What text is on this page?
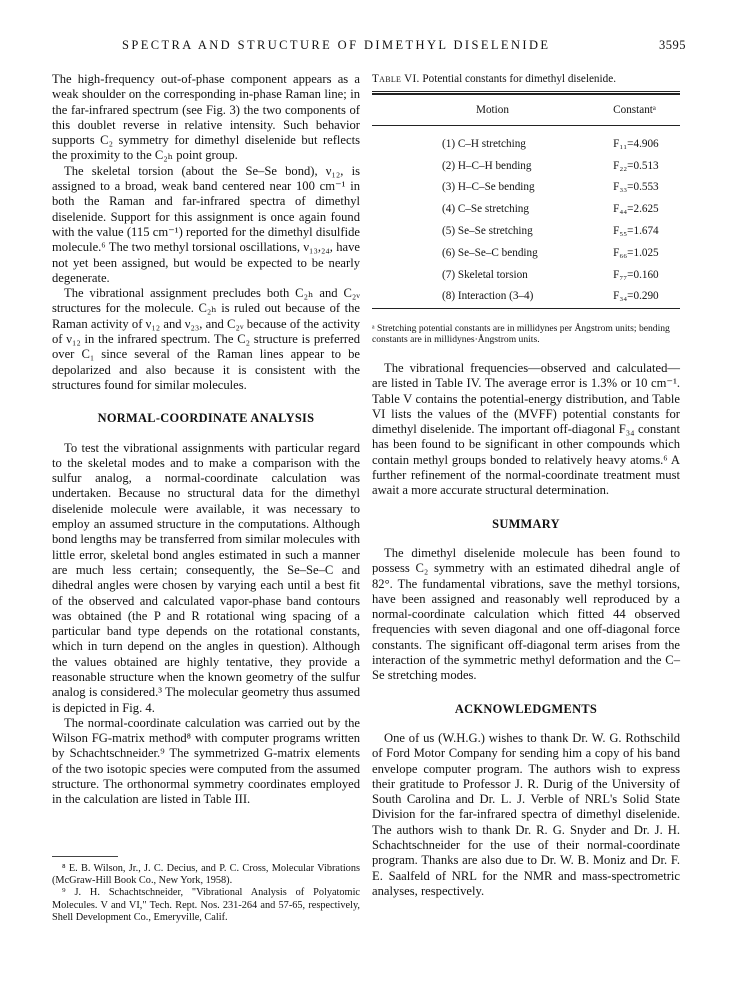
SPECTRA AND STRUCTURE OF DIMETHYL DISELENIDE	3595

The high-frequency out-of-phase component appears as a weak shoulder on the corresponding in-phase Raman line; in the far-infrared spectrum (see Fig. 3) the two components of this doublet reverse in relative intensity. Such behavior supports C₂ symmetry for dimethyl diselenide but reflects the proximity to the C₂ₕ point group.

The skeletal torsion (about the Se–Se bond), ν₁₂, is assigned to a broad, weak band centered near 100 cm⁻¹ in both the Raman and far-infrared spectra of dimethyl diselenide. Support for this assignment is once again found with the value (115 cm⁻¹) reported for the dimethyl disulfide molecule.⁶ The two methyl torsional oscillations, ν₁₃,₂₄, have not yet been assigned, but would be expected to be nearly degenerate.

The vibrational assignment precludes both C₂ₕ and C₂ᵥ structures for the molecule. C₂ₕ is ruled out because of the Raman activity of ν₁₂ and ν₂₃, and C₂ᵥ because of the activity of ν₁₂ in the infrared spectrum. The C₂ structure is preferred over C₁ since several of the Raman lines appear to be depolarized and also because it is consistent with the structures found for similar molecules.

NORMAL-COORDINATE ANALYSIS

To test the vibrational assignments with particular regard to the skeletal modes and to make a comparison with the sulfur analog, a normal-coordinate calculation was undertaken. Because no structural data for the dimethyl diselenide molecule were available, it was necessary to employ an assumed structure in the computations. Although bond lengths may be transferred from similar molecules with little error, skeletal bond angles estimated in such a manner are much less certain; consequently, the Se–Se–C and dihedral angles were chosen by varying each until a best fit of the observed and calculated vapor-phase band contours was obtained (the P and R rotational wing spacing of a particular band type depends on the rotational constants, which in turn depend on the angles in question). Although the values obtained are highly tentative, they provide a reasonable structure when the known geometry of the sulfur analog is considered.³ The molecular geometry thus assumed is depicted in Fig. 4.

The normal-coordinate calculation was carried out by the Wilson FG-matrix method⁸ with computer programs written by Schachtschneider.⁹ The symmetrized G-matrix elements of the two isotopic species were computed from the assumed structure. The orthonormal symmetry coordinates employed in the calculation are listed in Table III.

⁸ E. B. Wilson, Jr., J. C. Decius, and P. C. Cross, Molecular Vibrations (McGraw-Hill Book Co., New York, 1958).

⁹ J. H. Schachtschneider, "Vibrational Analysis of Polyatomic Molecules. V and VI," Tech. Rept. Nos. 231-264 and 57-65, respectively, Shell Development Co., Emeryville, Calif.

Table VI. Potential constants for dimethyl diselenide.

Motion	Constantᵃ
(1) C–H stretching	F₁₁=4.906
(2) H–C–H bending	F₂₂=0.513
(3) H–C–Se bending	F₃₃=0.553
(4) C–Se stretching	F₄₄=2.625
(5) Se–Se stretching	F₅₅=1.674
(6) Se–Se–C bending	F₆₆=1.025
(7) Skeletal torsion	F₇₇=0.160
(8) Interaction (3–4)	F₃₄=0.290

ᵃ Stretching potential constants are in millidynes per Ångstrom units; bending constants are in millidynes·Ångstrom units.

The vibrational frequencies—observed and calculated—are listed in Table IV. The average error is 1.3% or 10 cm⁻¹. Table V contains the potential-energy distribution, and Table VI lists the values of the (MVFF) potential constants for dimethyl diselenide. The important off-diagonal F₃₄ constant has been found to be significant in other compounds which contain methyl groups bonded to relatively heavy atoms.⁶ A further refinement of the normal-coordinate treatment must await a more accurate structural determination.

SUMMARY

The dimethyl diselenide molecule has been found to possess C₂ symmetry with an estimated dihedral angle of 82°. The fundamental vibrations, save the methyl torsions, have been assigned and reasonably well reproduced by a normal-coordinate calculation which fitted 44 observed frequencies with seven diagonal and one off-diagonal force constants. The significant off-diagonal term arises from the interaction of the symmetric methyl deformation and the C–Se stretching modes.

ACKNOWLEDGMENTS

One of us (W.H.G.) wishes to thank Dr. W. G. Rothschild of Ford Motor Company for sending him a copy of his band envelope computer program. The authors wish to express their gratitude to Professor J. R. Durig of the University of South Carolina and Dr. L. J. Verble of NRL's Solid State Division for the far-infrared spectra of dimethyl diselenide. The authors wish to thank Dr. R. G. Snyder and Dr. J. H. Schachtschneider for the use of their normal-coordinate program. Thanks are also due to Dr. W. B. Moniz and Dr. F. E. Saalfeld of NRL for the NMR and mass-spectrometric analyses, respectively.
